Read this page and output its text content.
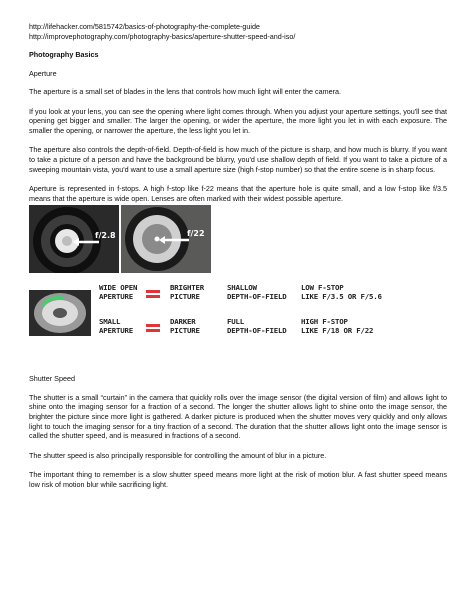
http://lifehacker.com/5815742/basics-of-photography-the-complete-guide

http://improvephotography.com/photography-basics/aperture-shutter-speed-and-iso/

Photography Basics

Aperture

The aperture is a small set of blades in the lens that controls how much light will enter the camera.

If you look at your lens, you can see the opening where light comes through. When you adjust your aperture settings, you'll see that opening get bigger and smaller. The larger the opening, or wider the aperture, the more light you let in with each exposure. The smaller the opening, or narrower the aperture, the less light you let in.

The aperture also controls the depth-of-field. Depth-of-field is how much of the picture is sharp, and how much is blurry. If you want to take a picture of a person and have the background be blurry, you'd use shallow depth of field. If you want to take a picture of a sweeping mountain vista, you'd want to use a small aperture size (high f-stop number) so that the entire scene is in sharp focus.

Aperture is represented in f-stops. A high f-stop like f-22 means that the aperture hole is quite small, and a low f-stop like f/3.5 means that the aperture is wide open. Lenses are often marked with their widest possible aperture.

f/2.8	f/22
WIDE OPEN
APERTURE
BRIGHTER
PICTURE
SHALLOW
DEPTH-OF-FIELD
LOW F-STOP
LIKE F/3.5 OR F/5.6
SMALL
APERTURE
DARKER
PICTURE
FULL
DEPTH-OF-FIELD
HIGH F-STOP
LIKE F/18 OR F/22

Shutter Speed

The shutter is a small “curtain” in the camera that quickly rolls over the image sensor (the digital version of film) and allows light to shine onto the imaging sensor for a fraction of a second. The longer the shutter allows light to shine onto the image sensor, the brighter the picture since more light is gathered. A darker picture is produced when the shutter moves very quickly and only allows light to touch the imaging sensor for a tiny fraction of a second. The duration that the shutter allows light onto the image sensor is called the shutter speed, and is measured in fractions of a second.

The shutter speed is also principally responsible for controlling the amount of blur in a picture.

The important thing to remember is a slow shutter speed means more light at the risk of motion blur. A fast shutter speed means low risk of motion blur while sacrificing light.
